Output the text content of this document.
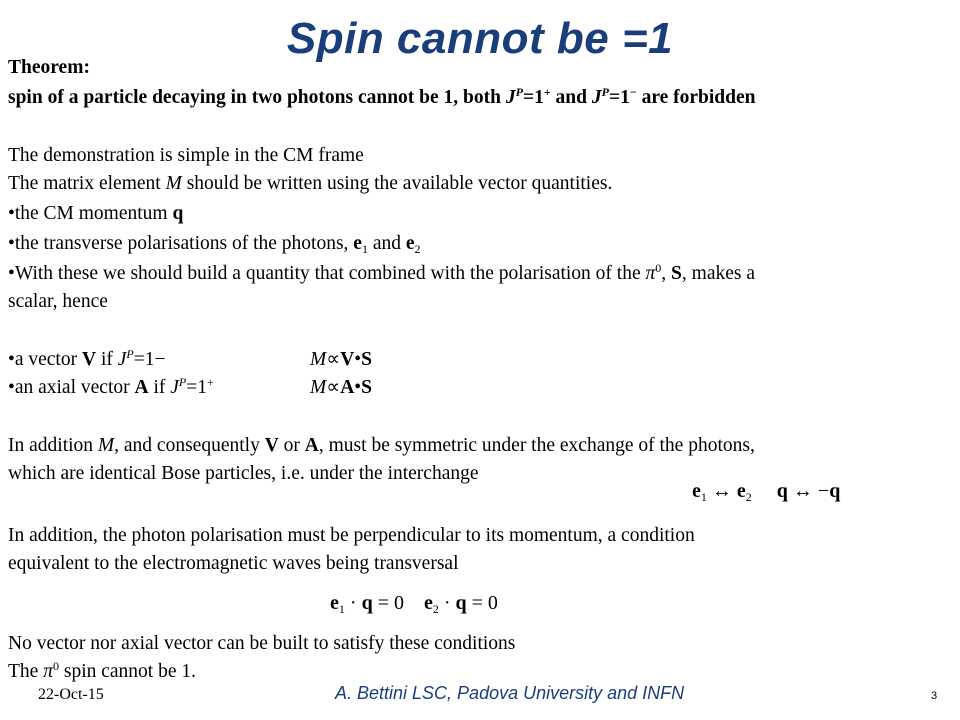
Spin cannot be =1
Theorem:
spin of a particle decaying in two photons cannot be 1, both $J^P=1^+$ and $J^P=1^-$ are forbidden
The demonstration is simple in the CM frame
The matrix element M should be written using the available vector quantities.
•the CM momentum q
•the transverse polarisations of the photons, $e_1$ and $e_2$
•With these we should build a quantity that combined with the polarisation of the $\pi^0$, S, makes a
scalar, hence
•a vector V if $J^P=1-$	M∝V•S
•an axial vector A if $J^P=1^+$	M∝A•S
In addition M, and consequently V or A, must be symmetric under the exchange of the photons,
which are identical Bose particles, i.e. under the interchange
In addition, the photon polarisation must be perpendicular to its momentum, a condition
equivalent to the electromagnetic waves being transversal
No vector nor axial vector can be built to satisfy these conditions
The $\pi^0$ spin cannot be 1.
$e_1$ ↔ $e_2$ q ↔ −q
$e_1 \cdot q = 0$    $e_2 \cdot q = 0$
22-Oct-15	A. Bettini LSC, Padova University and INFN	3
